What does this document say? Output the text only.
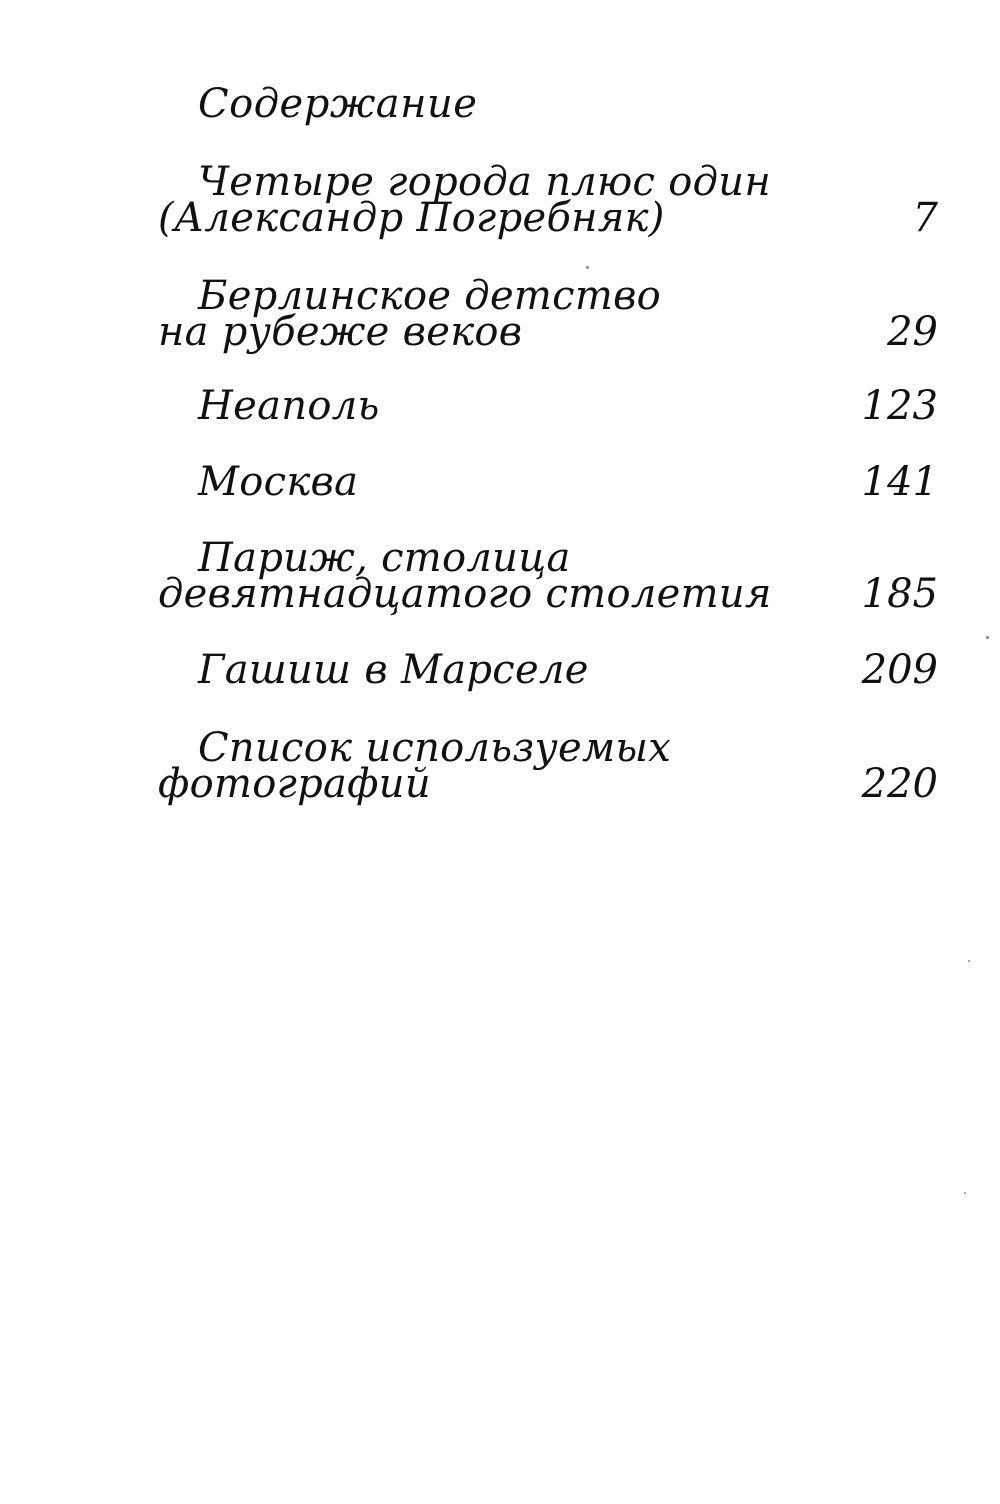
Содержание
Четыре города плюс один
(Александр Погребняк)	7
Берлинское детство
на рубеже веков	29
Неаполь	123
Москва	141
Париж, столица
девятнадцатого столетия	185
Гашиш в Марселе	209
Список используемых
фотографий	220
